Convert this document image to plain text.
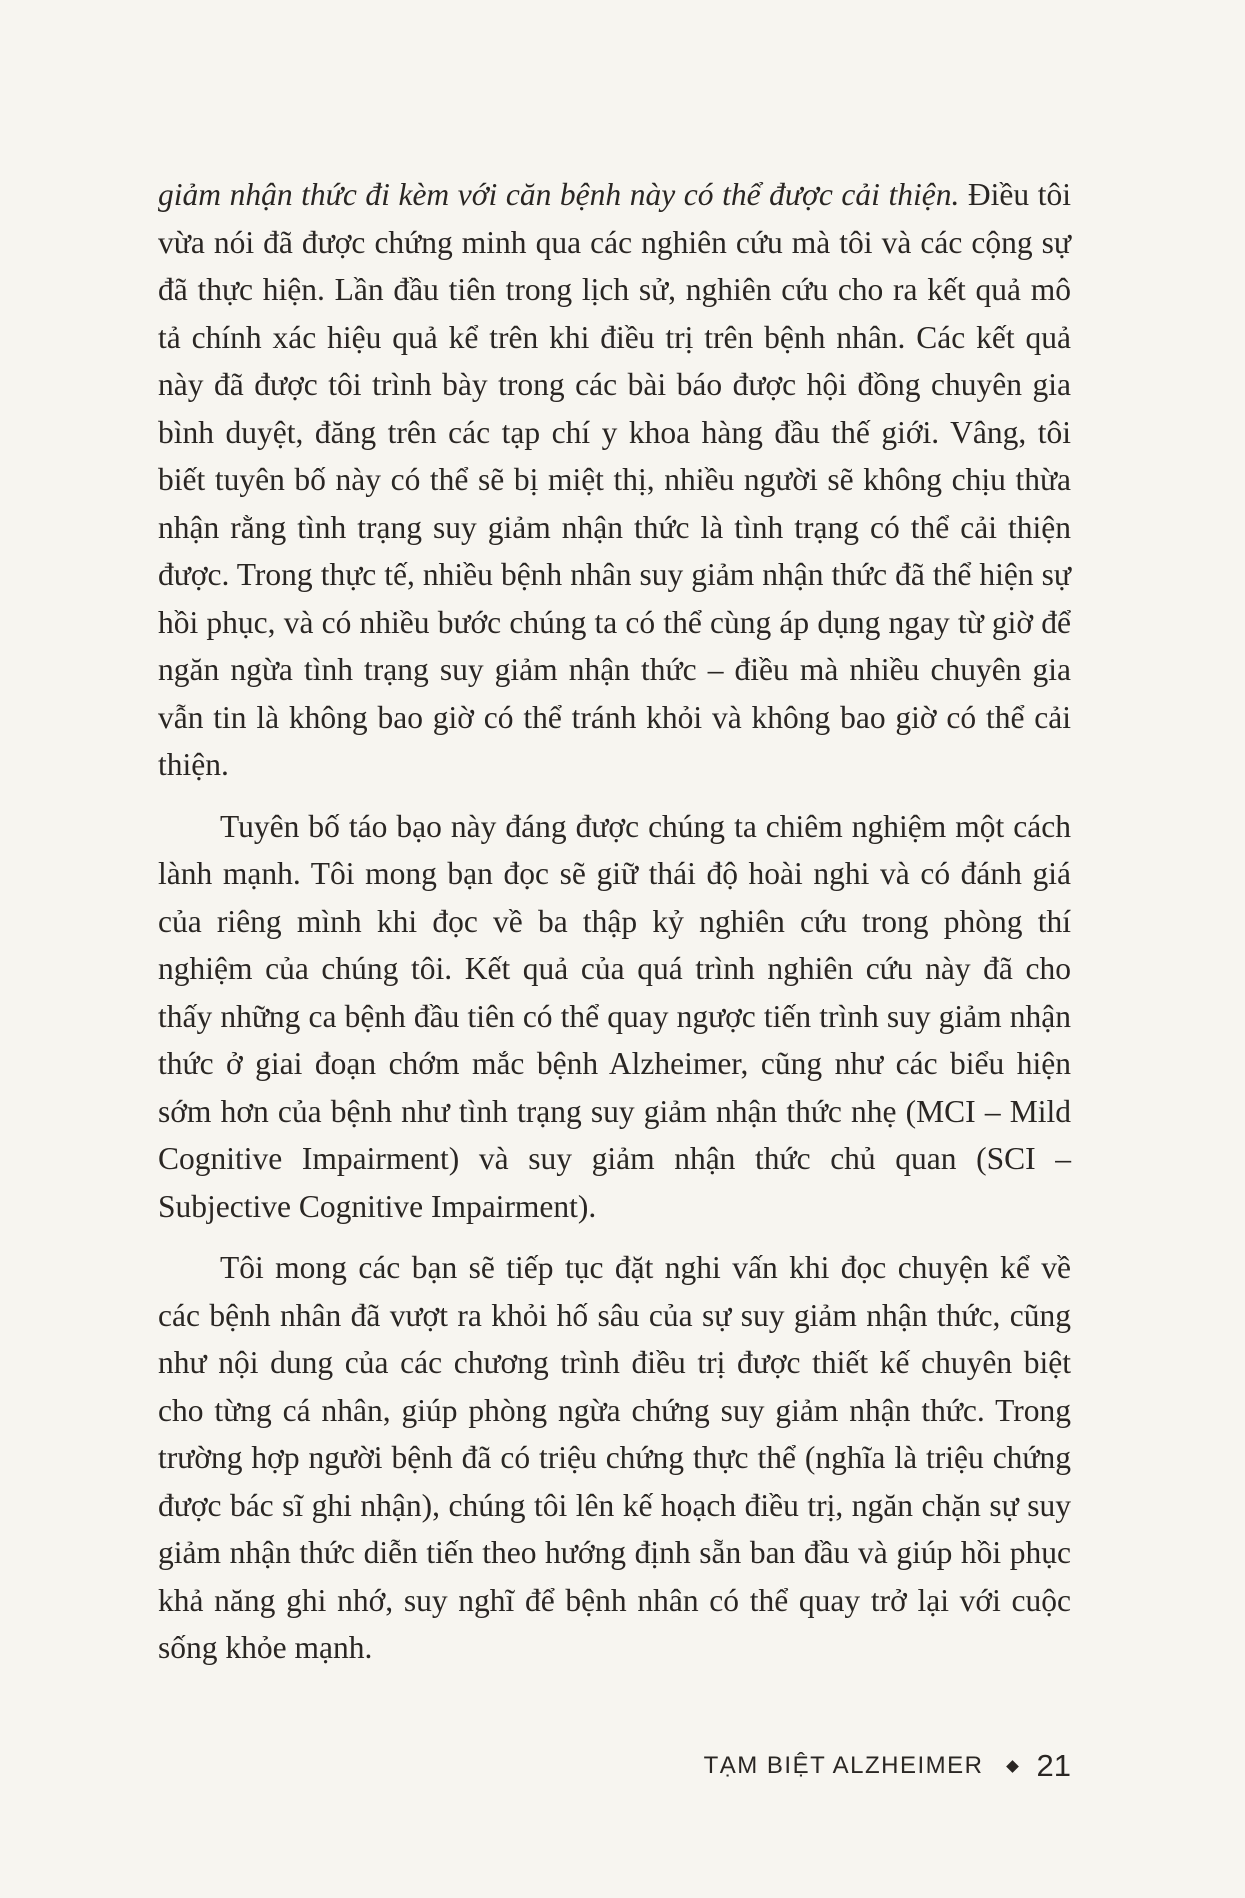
giảm nhận thức đi kèm với căn bệnh này có thể được cải thiện. Điều tôi vừa nói đã được chứng minh qua các nghiên cứu mà tôi và các cộng sự đã thực hiện. Lần đầu tiên trong lịch sử, nghiên cứu cho ra kết quả mô tả chính xác hiệu quả kể trên khi điều trị trên bệnh nhân. Các kết quả này đã được tôi trình bày trong các bài báo được hội đồng chuyên gia bình duyệt, đăng trên các tạp chí y khoa hàng đầu thế giới. Vâng, tôi biết tuyên bố này có thể sẽ bị miệt thị, nhiều người sẽ không chịu thừa nhận rằng tình trạng suy giảm nhận thức là tình trạng có thể cải thiện được. Trong thực tế, nhiều bệnh nhân suy giảm nhận thức đã thể hiện sự hồi phục, và có nhiều bước chúng ta có thể cùng áp dụng ngay từ giờ để ngăn ngừa tình trạng suy giảm nhận thức – điều mà nhiều chuyên gia vẫn tin là không bao giờ có thể tránh khỏi và không bao giờ có thể cải thiện.

Tuyên bố táo bạo này đáng được chúng ta chiêm nghiệm một cách lành mạnh. Tôi mong bạn đọc sẽ giữ thái độ hoài nghi và có đánh giá của riêng mình khi đọc về ba thập kỷ nghiên cứu trong phòng thí nghiệm của chúng tôi. Kết quả của quá trình nghiên cứu này đã cho thấy những ca bệnh đầu tiên có thể quay ngược tiến trình suy giảm nhận thức ở giai đoạn chớm mắc bệnh Alzheimer, cũng như các biểu hiện sớm hơn của bệnh như tình trạng suy giảm nhận thức nhẹ (MCI – Mild Cognitive Impairment) và suy giảm nhận thức chủ quan (SCI – Subjective Cognitive Impairment).

Tôi mong các bạn sẽ tiếp tục đặt nghi vấn khi đọc chuyện kể về các bệnh nhân đã vượt ra khỏi hố sâu của sự suy giảm nhận thức, cũng như nội dung của các chương trình điều trị được thiết kế chuyên biệt cho từng cá nhân, giúp phòng ngừa chứng suy giảm nhận thức. Trong trường hợp người bệnh đã có triệu chứng thực thể (nghĩa là triệu chứng được bác sĩ ghi nhận), chúng tôi lên kế hoạch điều trị, ngăn chặn sự suy giảm nhận thức diễn tiến theo hướng định sẵn ban đầu và giúp hồi phục khả năng ghi nhớ, suy nghĩ để bệnh nhân có thể quay trở lại với cuộc sống khỏe mạnh.

TẠM BIỆT ALZHEIMER 21
